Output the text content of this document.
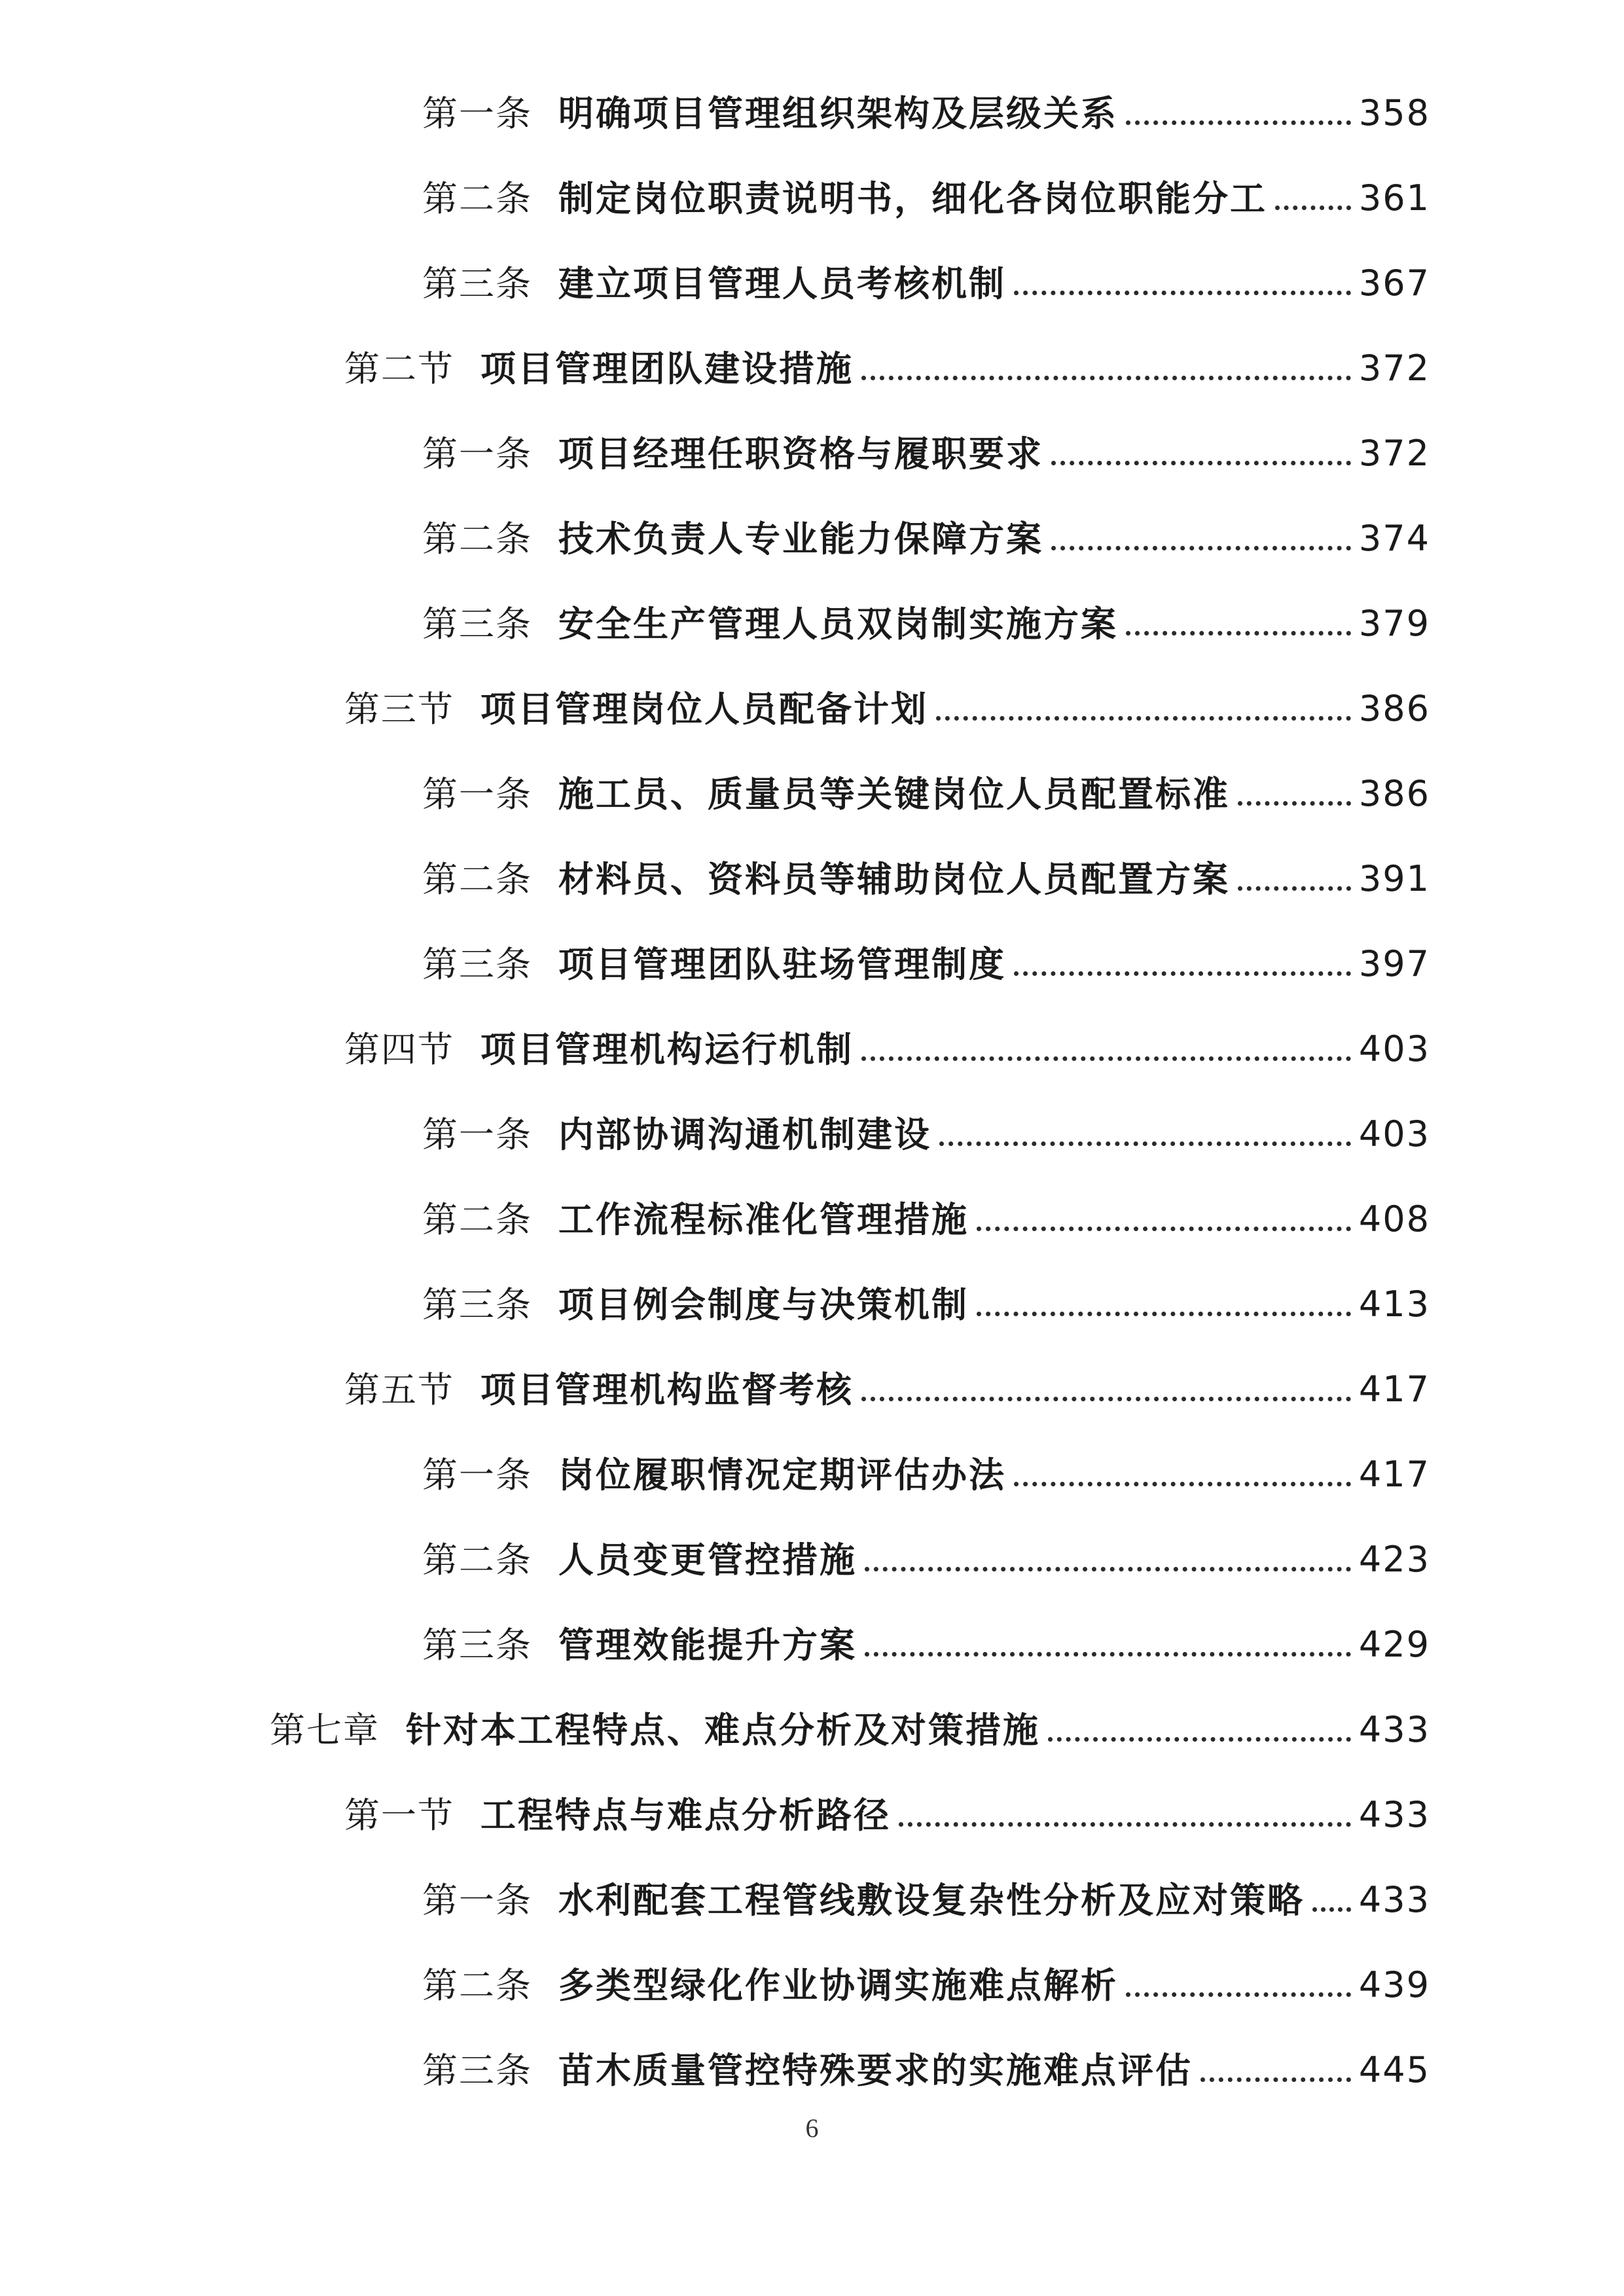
第一条 明确项目管理组织架构及层级关系	358
第二条 制定岗位职责说明书，细化各岗位职能分工	361
第三条 建立项目管理人员考核机制	367
第二节 项目管理团队建设措施	372
第一条 项目经理任职资格与履职要求	372
第二条 技术负责人专业能力保障方案	374
第三条 安全生产管理人员双岗制实施方案	379
第三节 项目管理岗位人员配备计划	386
第一条 施工员、质量员等关键岗位人员配置标准	386
第二条 材料员、资料员等辅助岗位人员配置方案	391
第三条 项目管理团队驻场管理制度	397
第四节 项目管理机构运行机制	403
第一条 内部协调沟通机制建设	403
第二条 工作流程标准化管理措施	408
第三条 项目例会制度与决策机制	413
第五节 项目管理机构监督考核	417
第一条 岗位履职情况定期评估办法	417
第二条 人员变更管控措施	423
第三条 管理效能提升方案	429
第七章 针对本工程特点、难点分析及对策措施	433
第一节 工程特点与难点分析路径	433
第一条 水利配套工程管线敷设复杂性分析及应对策略 433
第二条 多类型绿化作业协调实施难点解析	439
第三条 苗木质量管控特殊要求的实施难点评估	445
6
